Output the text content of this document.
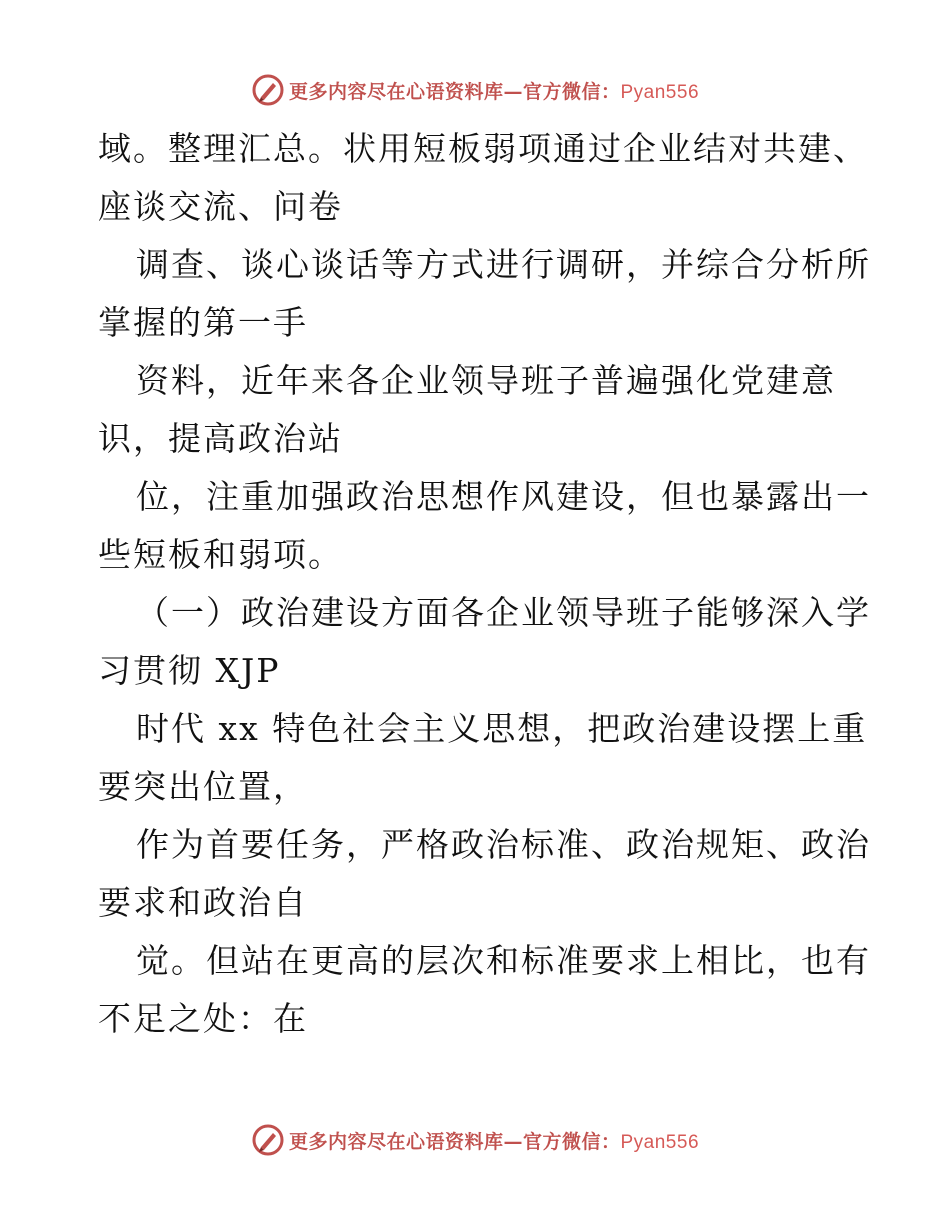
更多内容尽在心语资料库—官方微信：Pyan556

域。整理汇总。状用短板弱项通过企业结对共建、

座谈交流、问卷

调查、谈心谈话等方式进行调研，并综合分析所

掌握的第一手

资料，近年来各企业领导班子普遍强化党建意

识，提高政治站

位，注重加强政治思想作风建设，但也暴露出一

些短板和弱项。

（一）政治建设方面各企业领导班子能够深入学

习贯彻 XJP

时代 xx 特色社会主义思想，把政治建设摆上重

要突出位置，

作为首要任务，严格政治标准、政治规矩、政治

要求和政治自

觉。但站在更高的层次和标准要求上相比，也有

不足之处：在

更多内容尽在心语资料库—官方微信：Pyan556
